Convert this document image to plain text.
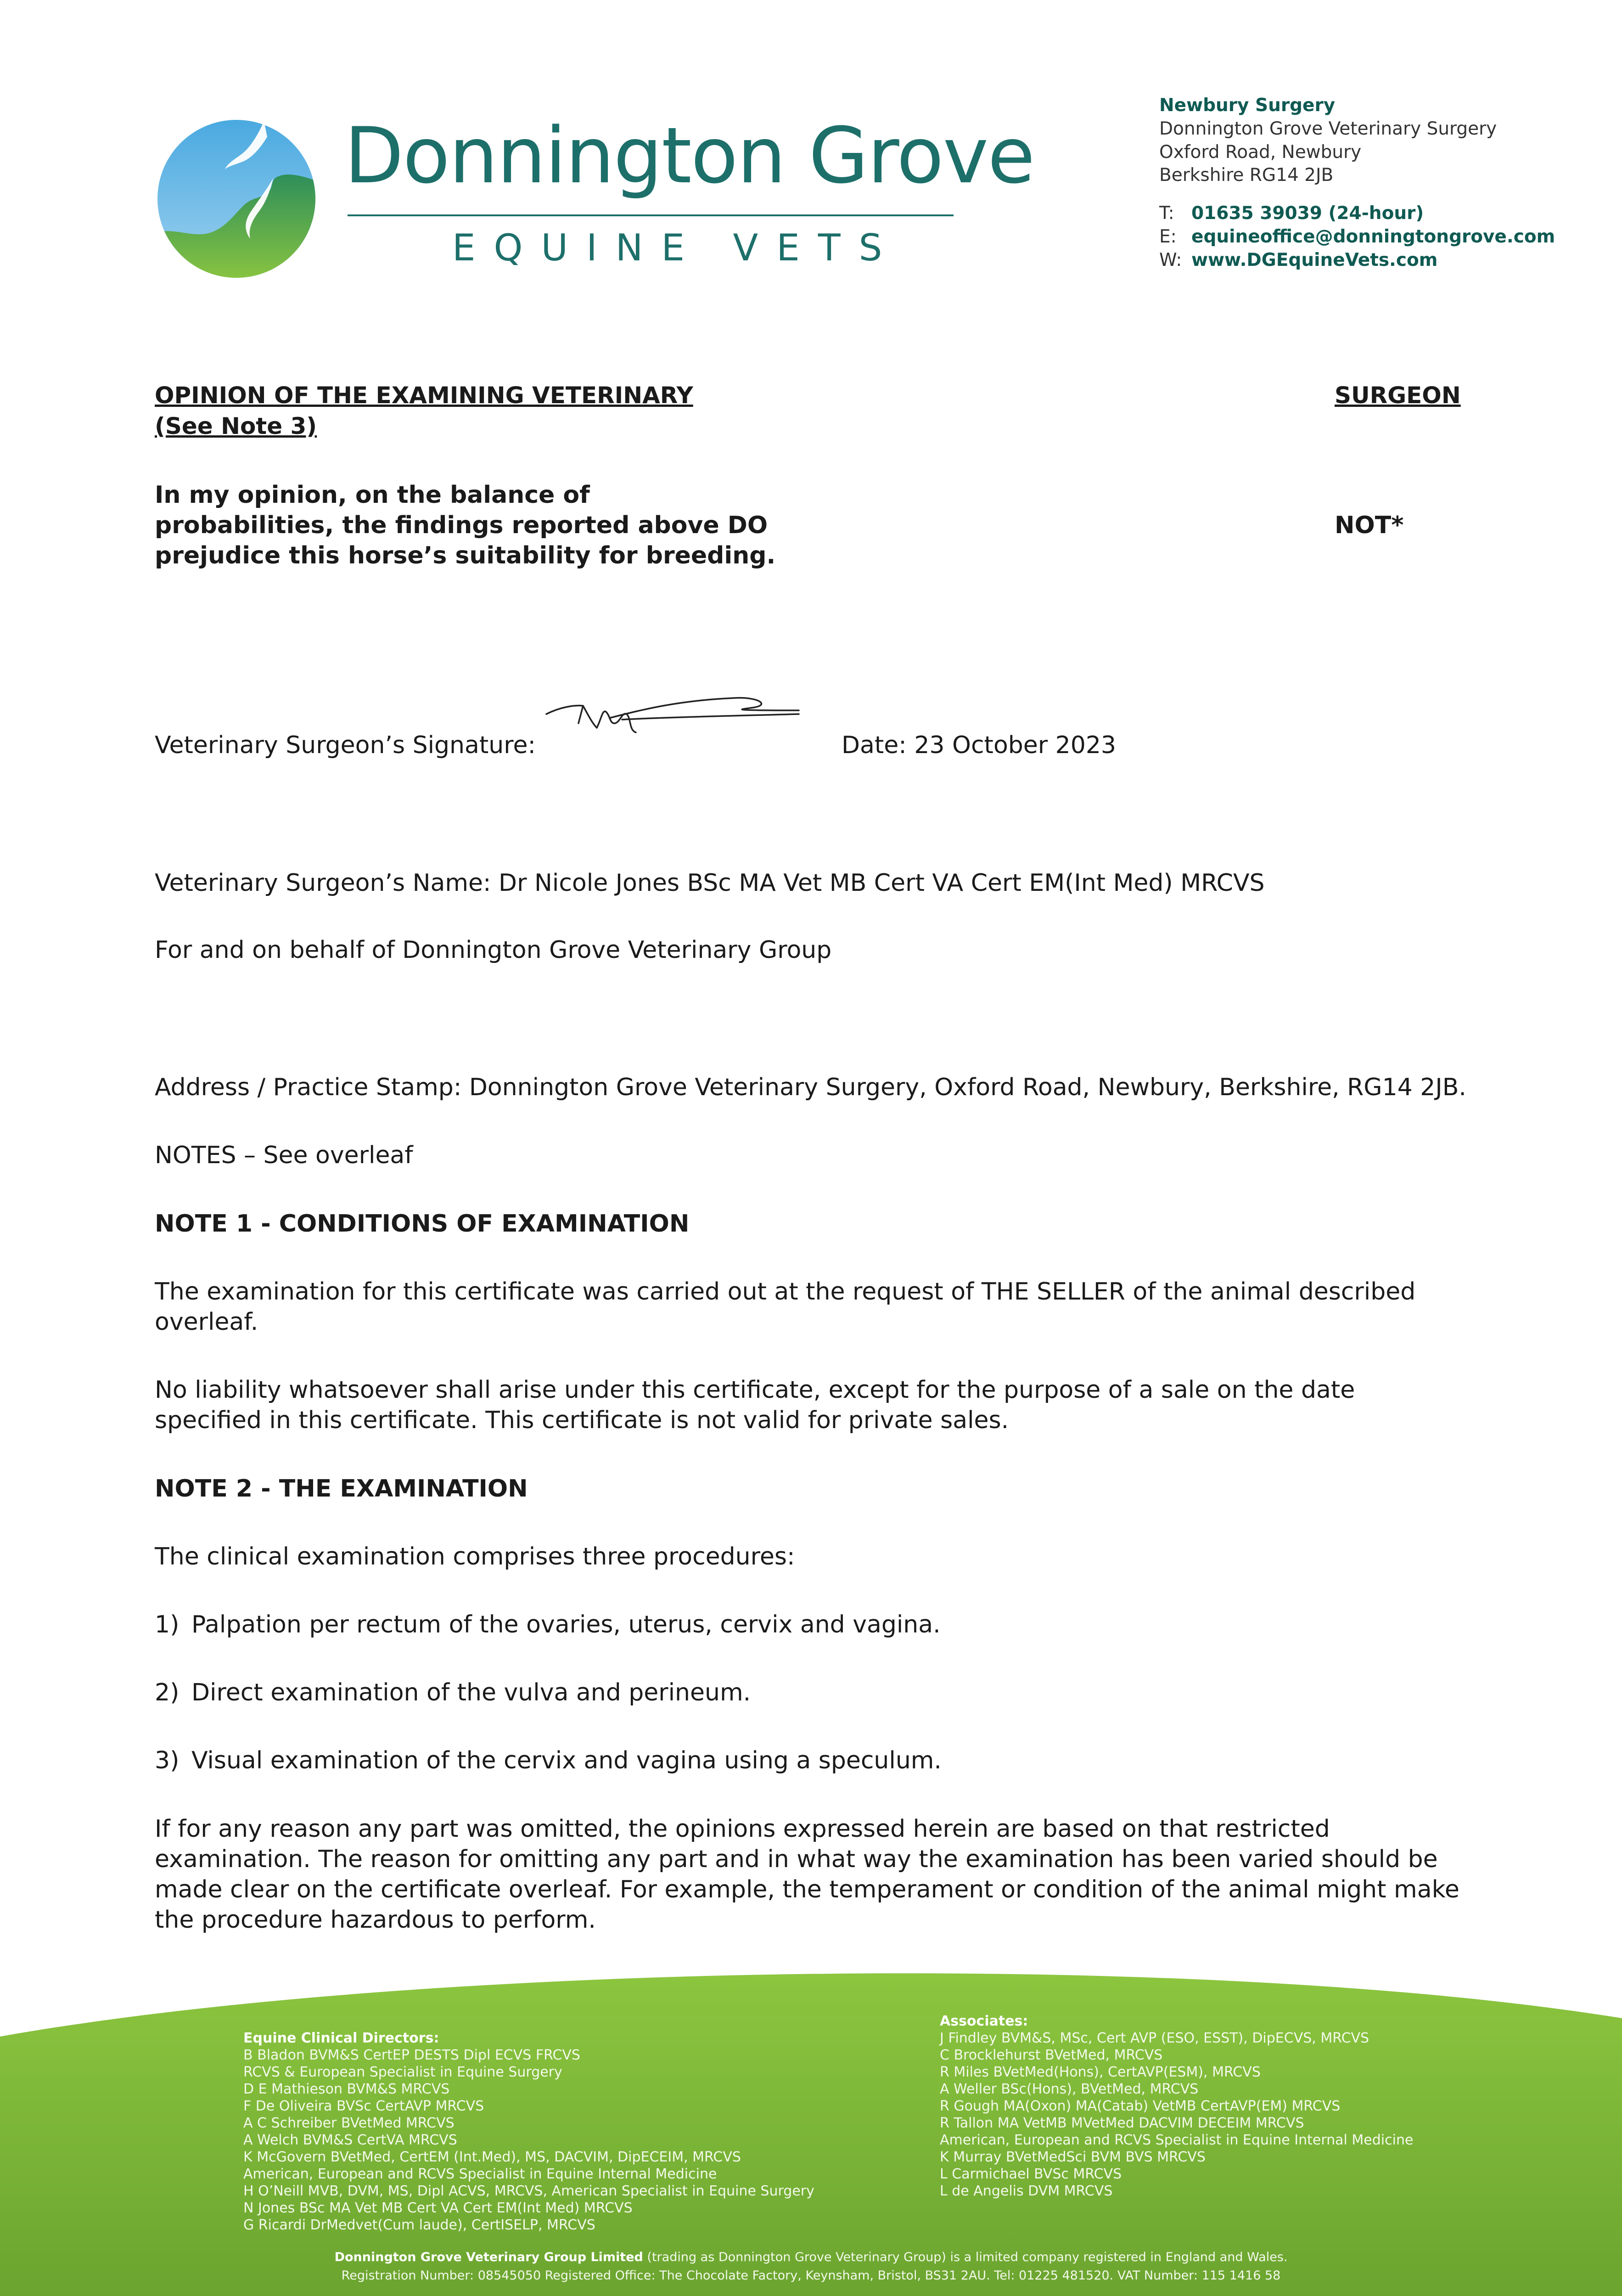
Donnington Grove
EQUINE VETS
Newbury Surgery
Donnington Grove Veterinary Surgery
Oxford Road, Newbury
Berkshire RG14 2JB
T: 01635 39039 (24-hour)
E: equineoffice@donningtongrove.com
W: www.DGEquineVets.com
OPINION OF THE EXAMINING VETERINARY
(See Note 3)
SURGEON
In my opinion, on the balance of
probabilities, the findings reported above DO
prejudice this horse’s suitability for breeding.
NOT*
Veterinary Surgeon’s Signature:	Date: 23 October 2023
Veterinary Surgeon’s Name: Dr Nicole Jones BSc MA Vet MB Cert VA Cert EM(Int Med) MRCVS
For and on behalf of Donnington Grove Veterinary Group
Address / Practice Stamp: Donnington Grove Veterinary Surgery, Oxford Road, Newbury, Berkshire, RG14 2JB.
NOTES – See overleaf
NOTE 1 - CONDITIONS OF EXAMINATION
The examination for this certificate was carried out at the request of THE SELLER of the animal described overleaf.
No liability whatsoever shall arise under this certificate, except for the purpose of a sale on the date specified in this certificate. This certificate is not valid for private sales.
NOTE 2 - THE EXAMINATION
The clinical examination comprises three procedures:
1) Palpation per rectum of the ovaries, uterus, cervix and vagina.
2) Direct examination of the vulva and perineum.
3) Visual examination of the cervix and vagina using a speculum.
If for any reason any part was omitted, the opinions expressed herein are based on that restricted examination. The reason for omitting any part and in what way the examination has been varied should be made clear on the certificate overleaf. For example, the temperament or condition of the animal might make the procedure hazardous to perform.
Equine Clinical Directors:
B Bladon BVM&S CertEP DESTS Dipl ECVS FRCVS
RCVS & European Specialist in Equine Surgery
D E Mathieson BVM&S MRCVS
F De Oliveira BVSc CertAVP MRCVS
A C Schreiber BVetMed MRCVS
A Welch BVM&S CertVA MRCVS
K McGovern BVetMed, CertEM (Int.Med), MS, DACVIM, DipECEIM, MRCVS
American, European and RCVS Specialist in Equine Internal Medicine
H O’Neill MVB, DVM, MS, Dipl ACVS, MRCVS, American Specialist in Equine Surgery
N Jones BSc MA Vet MB Cert VA Cert EM(Int Med) MRCVS
G Ricardi DrMedvet(Cum laude), CertISELP, MRCVS
Associates:
J Findley BVM&S, MSc, Cert AVP (ESO, ESST), DipECVS, MRCVS
C Brocklehurst BVetMed, MRCVS
R Miles BVetMed(Hons), CertAVP(ESM), MRCVS
A Weller BSc(Hons), BVetMed, MRCVS
R Gough MA(Oxon) MA(Catab) VetMB CertAVP(EM) MRCVS
R Tallon MA VetMB MVetMed DACVIM DECEIM MRCVS
American, European and RCVS Specialist in Equine Internal Medicine
K Murray BVetMedSci BVM BVS MRCVS
L Carmichael BVSc MRCVS
L de Angelis DVM MRCVS
Donnington Grove Veterinary Group Limited (trading as Donnington Grove Veterinary Group) is a limited company registered in England and Wales.
Registration Number: 08545050 Registered Office: The Chocolate Factory, Keynsham, Bristol, BS31 2AU. Tel: 01225 481520. VAT Number: 115 1416 58
